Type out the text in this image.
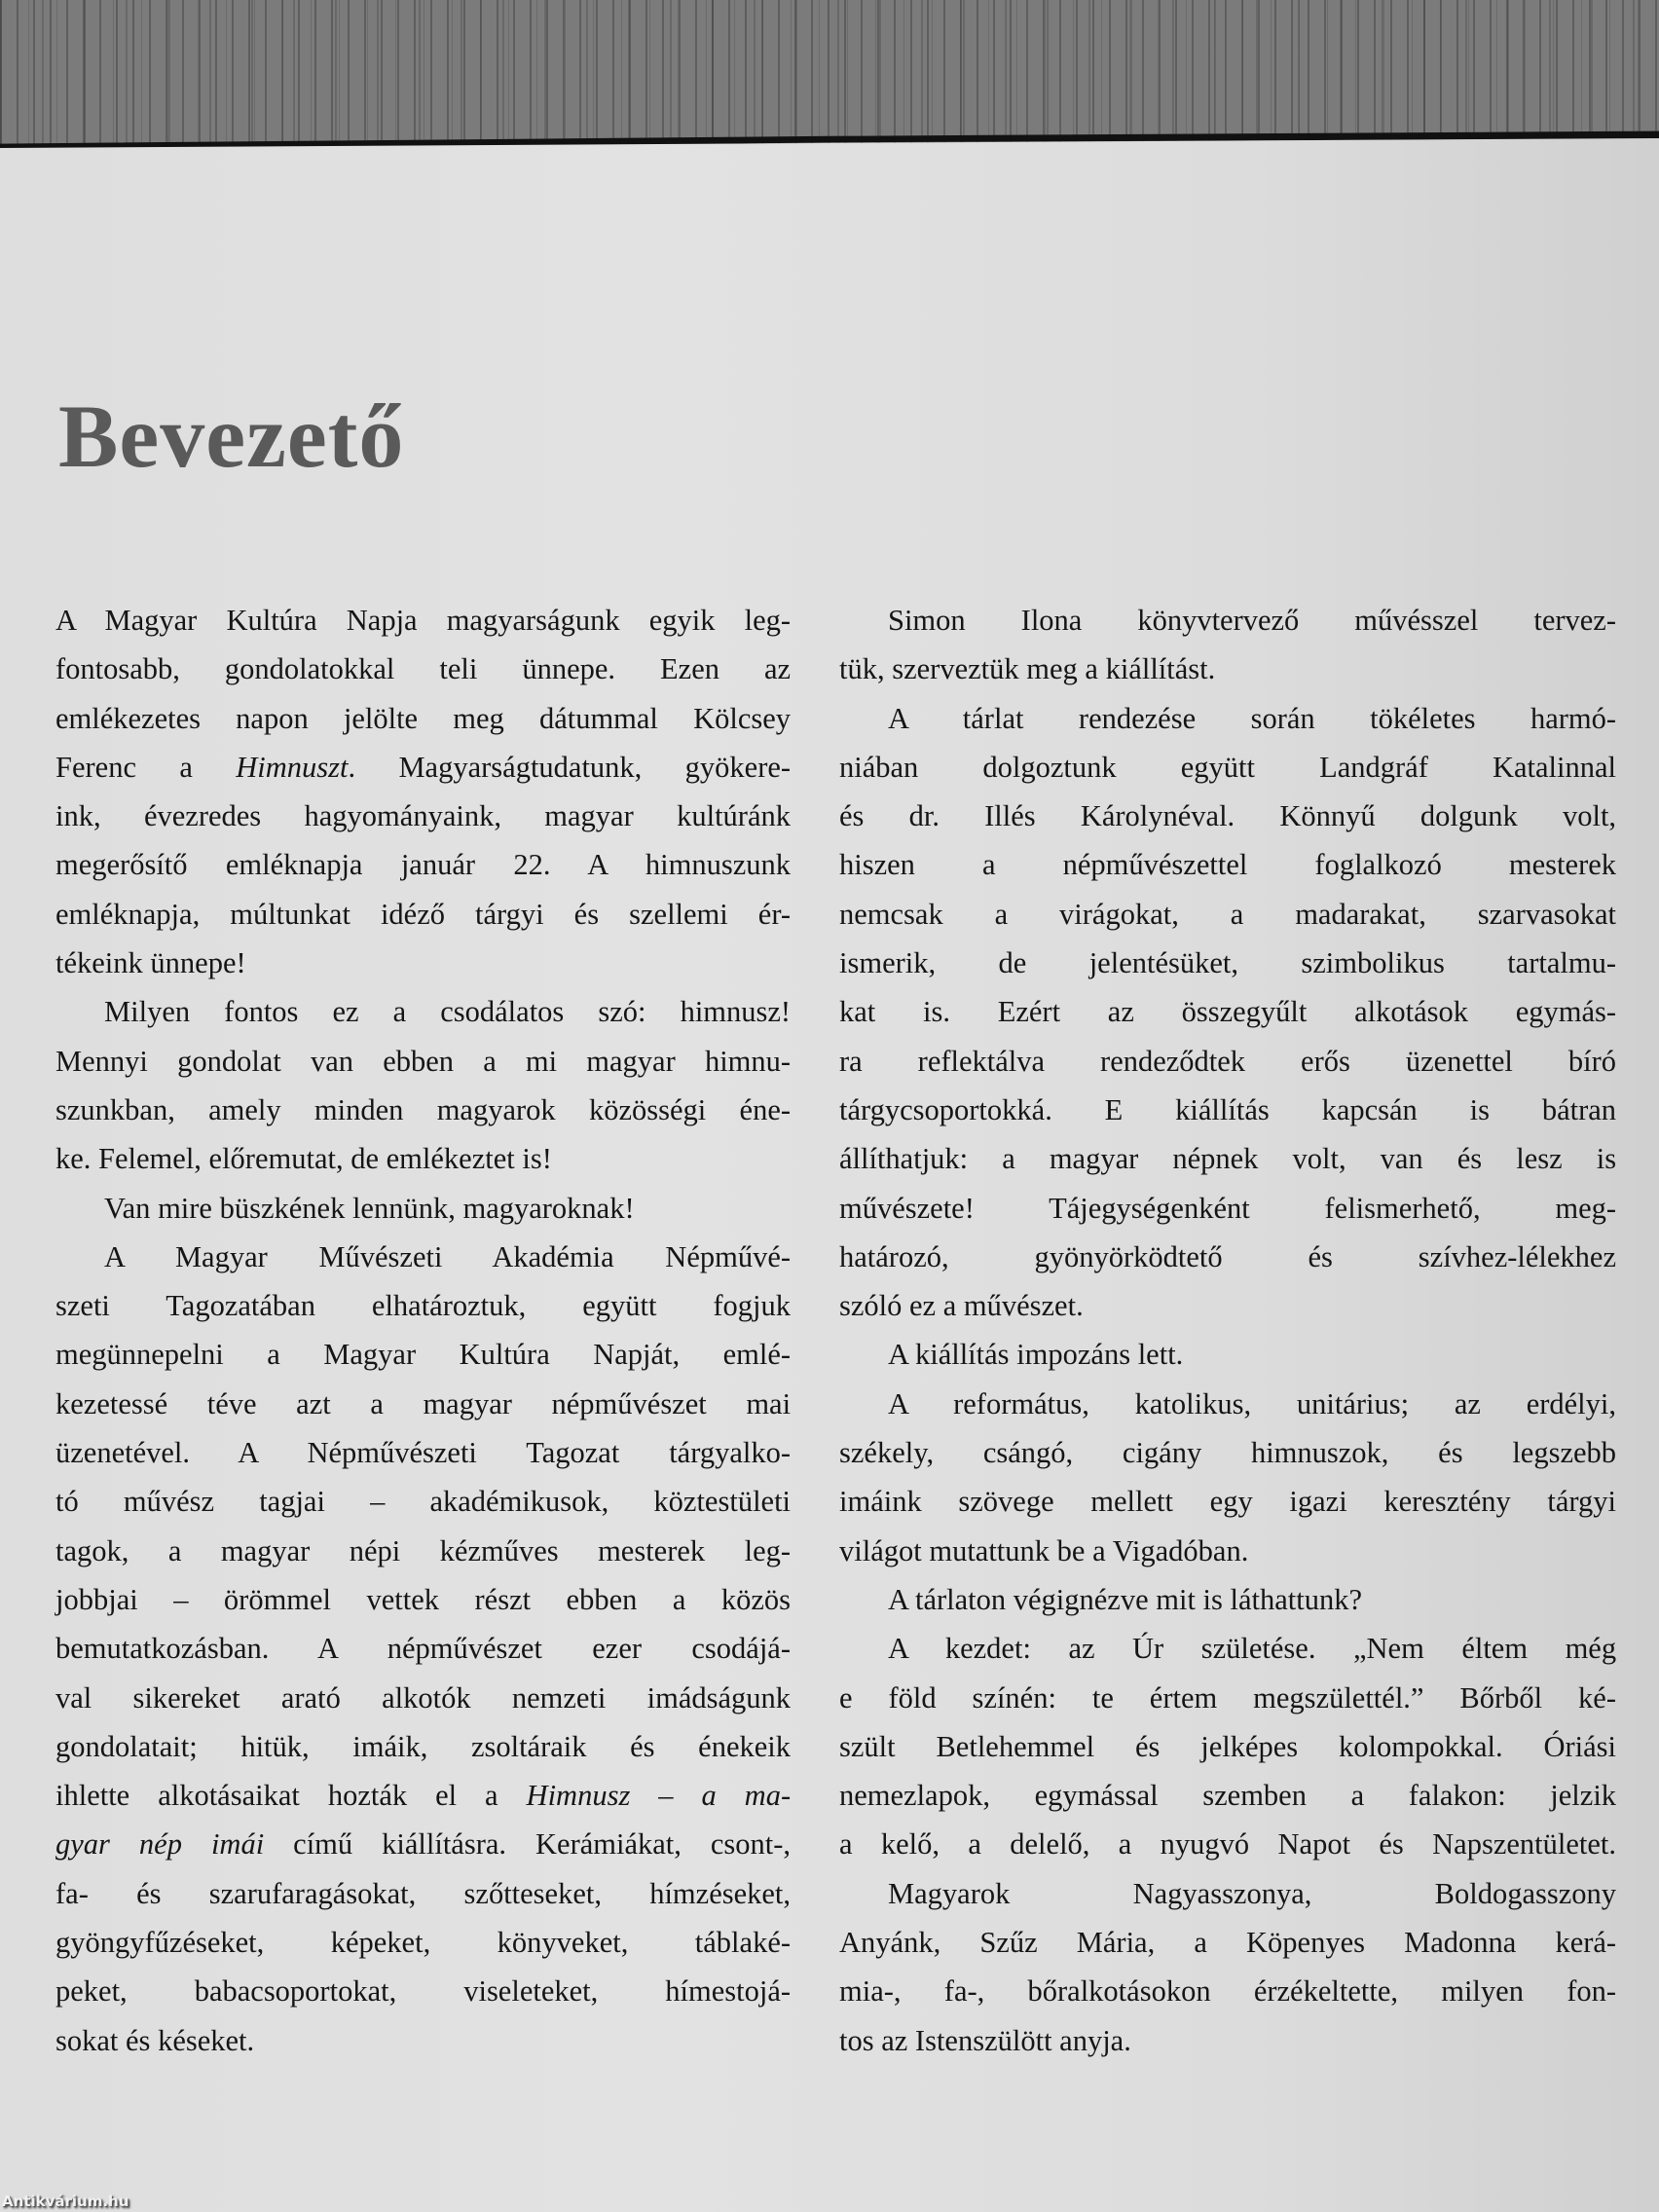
Bevezető
A Magyar Kultúra Napja magyarságunk egyik leg-
fontosabb, gondolatokkal teli ünnepe. Ezen az
emlékezetes napon jelölte meg dátummal Kölcsey
Ferenc a Himnuszt. Magyarságtudatunk, gyökere-
ink, évezredes hagyományaink, magyar kultúránk
megerősítő emléknapja január 22. A himnuszunk
emléknapja, múltunkat idéző tárgyi és szellemi ér-
tékeink ünnepe!
Milyen fontos ez a csodálatos szó: himnusz!
Mennyi gondolat van ebben a mi magyar himnu-
szunkban, amely minden magyarok közösségi éne-
ke. Felemel, előremutat, de emlékeztet is!
Van mire büszkének lennünk, magyaroknak!
A Magyar Művészeti Akadémia Népművé-
szeti Tagozatában elhatároztuk, együtt fogjuk
megünnepelni a Magyar Kultúra Napját, emlé-
kezetessé téve azt a magyar népművészet mai
üzenetével. A Népművészeti Tagozat tárgyalko-
tó művész tagjai – akadémikusok, köztestületi
tagok, a magyar népi kézműves mesterek leg-
jobbjai – örömmel vettek részt ebben a közös
bemutatkozásban. A népművészet ezer csodájá-
val sikereket arató alkotók nemzeti imádságunk
gondolatait; hitük, imáik, zsoltáraik és énekeik
ihlette alkotásaikat hozták el a Himnusz – a ma-
gyar nép imái című kiállításra. Kerámiákat, csont-,
fa- és szarufaragásokat, szőtteseket, hímzéseket,
gyöngyfűzéseket, képeket, könyveket, táblaké-
peket, babacsoportokat, viseleteket, hímestojá-
sokat és késeket.
Simon Ilona könyvtervező művésszel tervez-
tük, szerveztük meg a kiállítást.
A tárlat rendezése során tökéletes harmó-
niában dolgoztunk együtt Landgráf Katalinnal
és dr. Illés Károlynéval. Könnyű dolgunk volt,
hiszen a népművészettel foglalkozó mesterek
nemcsak a virágokat, a madarakat, szarvasokat
ismerik, de jelentésüket, szimbolikus tartalmu-
kat is. Ezért az összegyűlt alkotások egymás-
ra reflektálva rendeződtek erős üzenettel bíró
tárgycsoportokká. E kiállítás kapcsán is bátran
állíthatjuk: a magyar népnek volt, van és lesz is
művészete! Tájegységenként	felismerhető,	meg-
határozó,	gyönyörködtető	és	szívhez-lélekhez
szóló ez a művészet.
A kiállítás impozáns lett.
A református, katolikus, unitárius; az erdélyi,
székely, csángó, cigány himnuszok, és legszebb
imáink szövege mellett egy igazi keresztény tárgyi
világot mutattunk be a Vigadóban.
A tárlaton végignézve mit is láthattunk?
A kezdet: az Úr születése. „Nem éltem még
e föld színén: te értem megszülettél.” Bőrből ké-
szült Betlehemmel és jelképes kolompokkal. Óriási
nemezlapok, egymással szemben a falakon: jelzik
a kelő, a delelő, a nyugvó Napot és Napszentületet.
Magyarok	Nagyasszonya,	Boldogasszony
Anyánk, Szűz Mária, a Köpenyes Madonna kerá-
mia-, fa-, bőralkotásokon érzékeltette, milyen fon-
tos az Istenszülött anyja.
Antikvárium.hu
